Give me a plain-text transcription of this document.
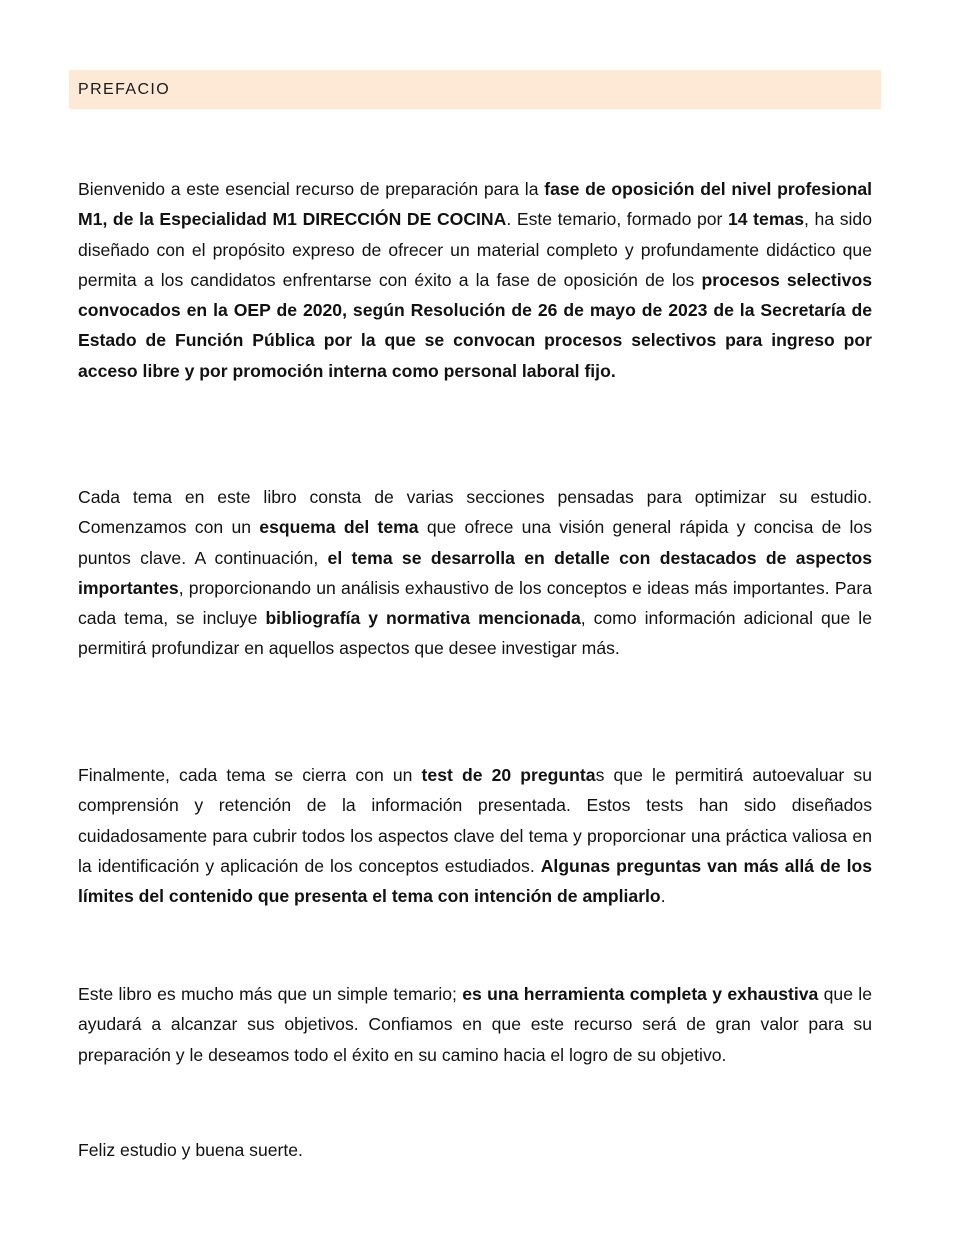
PREFACIO

Bienvenido a este esencial recurso de preparación para la fase de oposición del nivel profesional M1, de la Especialidad M1 DIRECCIÓN DE COCINA. Este temario, formado por 14 temas, ha sido diseñado con el propósito expreso de ofrecer un material completo y profundamente didáctico que permita a los candidatos enfrentarse con éxito a la fase de oposición de los procesos selectivos convocados en la OEP de 2020, según Resolución de 26 de mayo de 2023 de la Secretaría de Estado de Función Pública por la que se convocan procesos selectivos para ingreso por acceso libre y por promoción interna como personal laboral fijo.

Cada tema en este libro consta de varias secciones pensadas para optimizar su estudio. Comenzamos con un esquema del tema que ofrece una visión general rápida y concisa de los puntos clave. A continuación, el tema se desarrolla en detalle con destacados de aspectos importantes, proporcionando un análisis exhaustivo de los conceptos e ideas más importantes. Para cada tema, se incluye bibliografía y normativa mencionada, como información adicional que le permitirá profundizar en aquellos aspectos que desee investigar más.

Finalmente, cada tema se cierra con un test de 20 preguntas que le permitirá autoevaluar su comprensión y retención de la información presentada. Estos tests han sido diseñados cuidadosamente para cubrir todos los aspectos clave del tema y proporcionar una práctica valiosa en la identificación y aplicación de los conceptos estudiados. Algunas preguntas van más allá de los límites del contenido que presenta el tema con intención de ampliarlo.

Este libro es mucho más que un simple temario; es una herramienta completa y exhaustiva que le ayudará a alcanzar sus objetivos. Confiamos en que este recurso será de gran valor para su preparación y le deseamos todo el éxito en su camino hacia el logro de su objetivo.

Feliz estudio y buena suerte.
